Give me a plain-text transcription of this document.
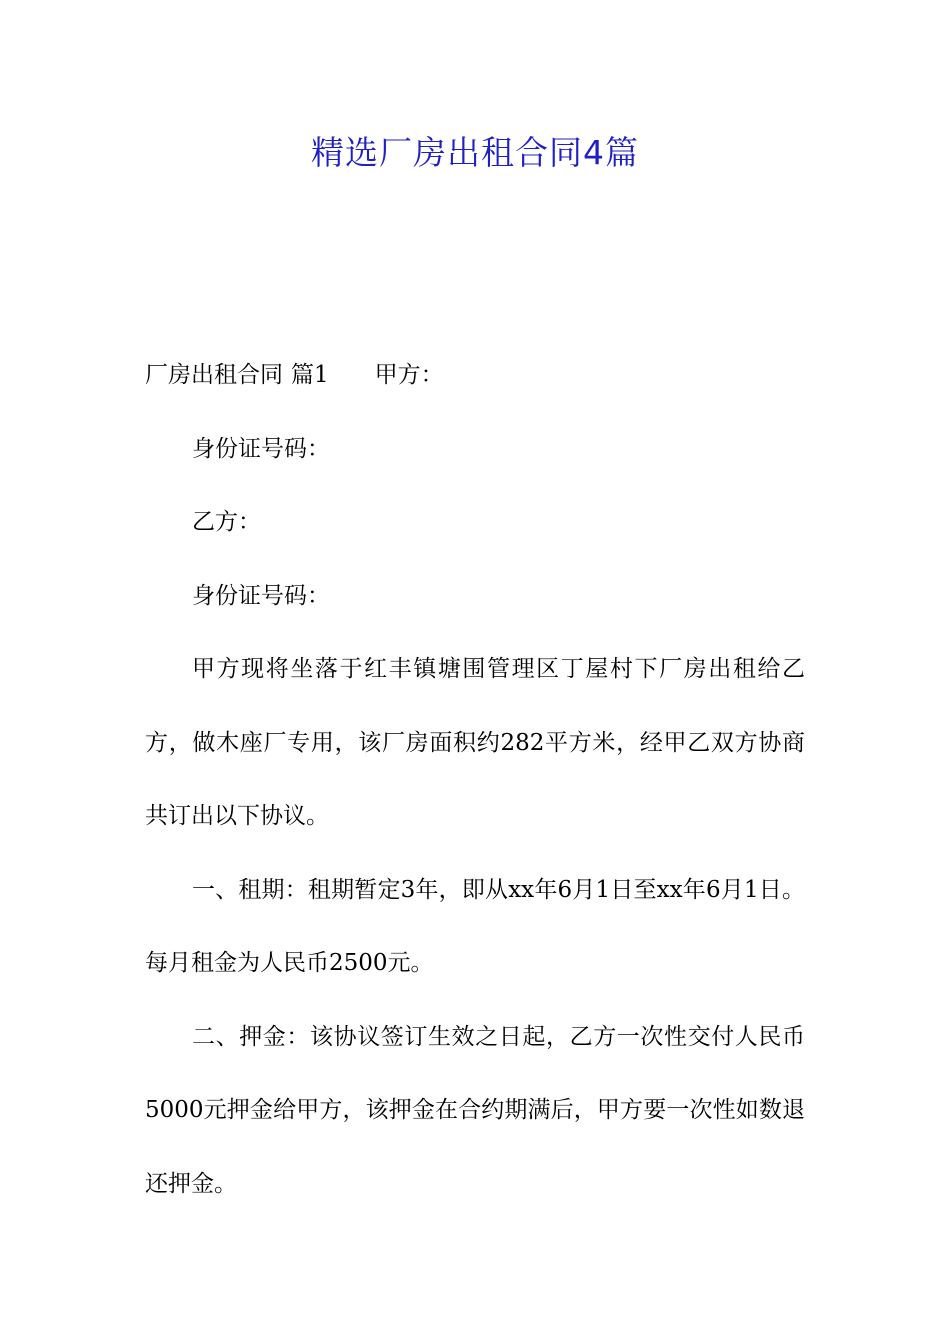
精选厂房出租合同4篇

厂房出租合同 篇1 甲方：

身份证号码：

乙方：

身份证号码：

甲方现将坐落于红丰镇塘围管理区丁屋村下厂房出租给乙方，做木座厂专用，该厂房面积约282平方米，经甲乙双方协商共订出以下协议。

一、租期：租期暂定3年，即从xx年6月1日至xx年6月1日。每月租金为人民币2500元。

二、押金：该协议签订生效之日起，乙方一次性交付人民币5000元押金给甲方，该押金在合约期满后，甲方要一次性如数退还押金。
